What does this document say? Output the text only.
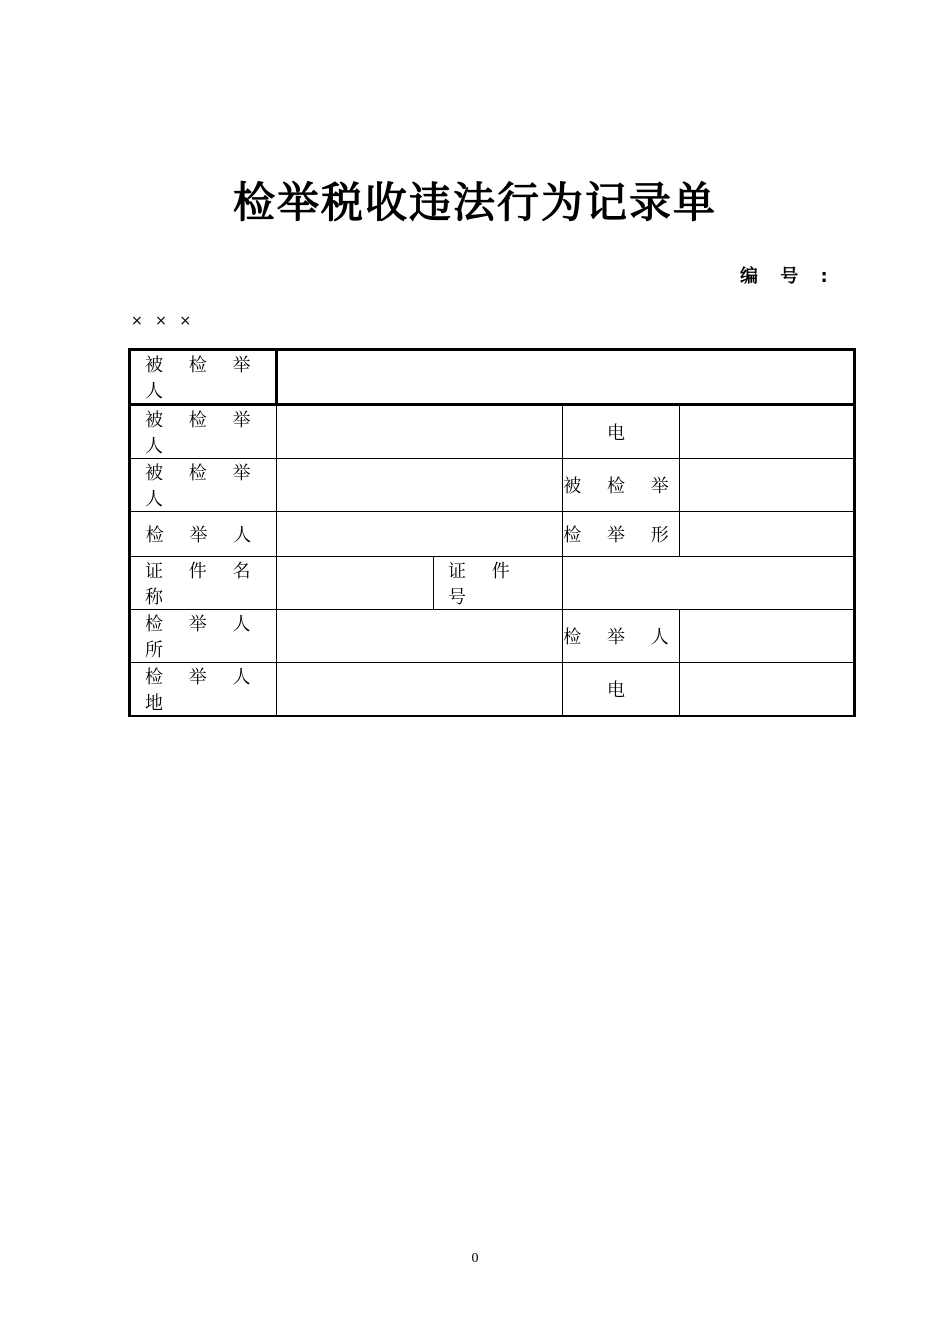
检举税收违法行为记录单
编 号 :
× × ×
被 检 举 人				
被 检 举 人			电	
被 检 举 人			被 检 举	
检 举 人			检 举 形	
证 件 名 称		证 件 号		
检 举 人 所			检 举 人	
检 举 人 地			电	
0
